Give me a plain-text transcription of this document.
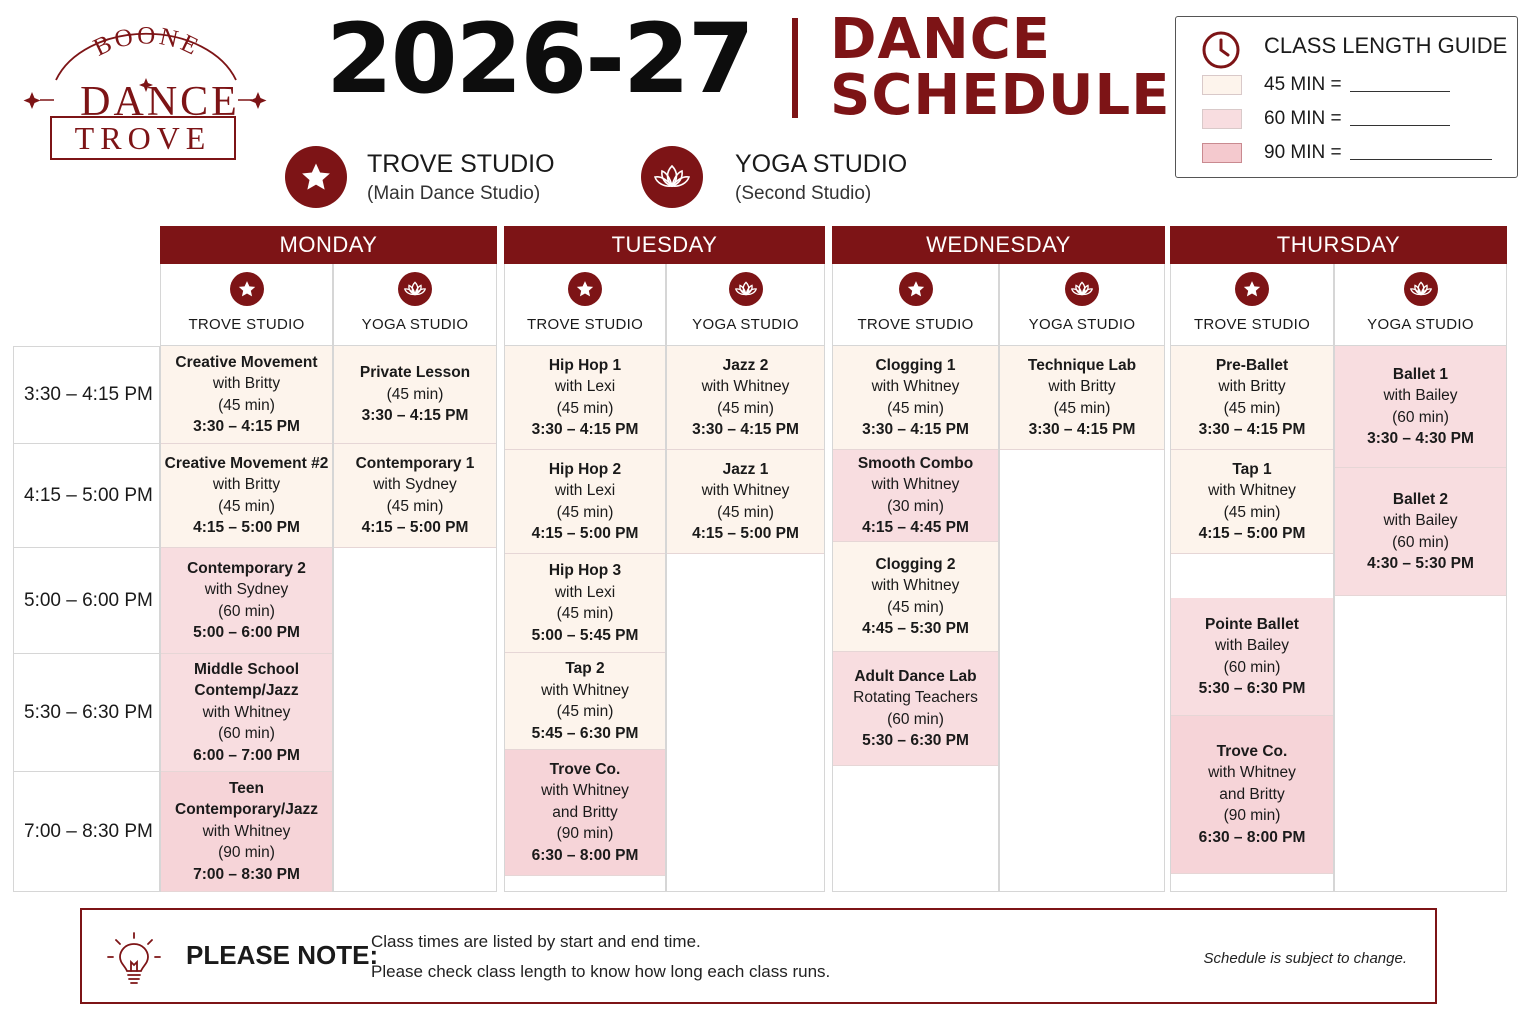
BOONE
DANCE
TROVE
2026-27 DANCE
SCHEDULE
TROVE STUDIO
(Main Dance Studio)
YOGA STUDIO
(Second Studio)
CLASS LENGTH GUIDE
45 MIN =
60 MIN =
90 MIN =
3:30 – 4:15 PM
4:15 – 5:00 PM
5:00 – 6:00 PM
5:30 – 6:30 PM
7:00 – 8:30 PM
MONDAY
TROVE STUDIO
Creative Movement
with Britty
(45 min)
3:30 – 4:15 PM
Creative Movement #2
with Britty
(45 min)
4:15 – 5:00 PM
Contemporary 2
with Sydney
(60 min)
5:00 – 6:00 PM
Middle School Contemp/Jazz
with Whitney
(60 min)
6:00 – 7:00 PM
Teen Contemporary/Jazz
with Whitney
(90 min)
7:00 – 8:30 PM
YOGA STUDIO
Private Lesson
(45 min)
3:30 – 4:15 PM
Contemporary 1
with Sydney
(45 min)
4:15 – 5:00 PM
TUESDAY
TROVE STUDIO
Hip Hop 1
with Lexi
(45 min)
3:30 – 4:15 PM
Hip Hop 2
with Lexi
(45 min)
4:15 – 5:00 PM
Hip Hop 3
with Lexi
(45 min)
5:00 – 5:45 PM
Tap 2
with Whitney
(45 min)
5:45 – 6:30 PM
Trove Co.
with Whitney
and Britty
(90 min)
6:30 – 8:00 PM
YOGA STUDIO
Jazz 2
with Whitney
(45 min)
3:30 – 4:15 PM
Jazz 1
with Whitney
(45 min)
4:15 – 5:00 PM
WEDNESDAY
TROVE STUDIO
Clogging 1
with Whitney
(45 min)
3:30 – 4:15 PM
Smooth Combo
with Whitney
(30 min)
4:15 – 4:45 PM
Clogging 2
with Whitney
(45 min)
4:45 – 5:30 PM
Adult Dance Lab
Rotating Teachers
(60 min)
5:30 – 6:30 PM
YOGA STUDIO
Technique Lab
with Britty
(45 min)
3:30 – 4:15 PM
THURSDAY
TROVE STUDIO
Pre-Ballet
with Britty
(45 min)
3:30 – 4:15 PM
Tap 1
with Whitney
(45 min)
4:15 – 5:00 PM
Pointe Ballet
with Bailey
(60 min)
5:30 – 6:30 PM
Trove Co.
with Whitney
and Britty
(90 min)
6:30 – 8:00 PM
YOGA STUDIO
Ballet 1
with Bailey
(60 min)
3:30 – 4:30 PM
Ballet 2
with Bailey
(60 min)
4:30 – 5:30 PM
PLEASE NOTE:
Class times are listed by start and end time.
Please check class length to know how long each class runs.
Schedule is subject to change.
